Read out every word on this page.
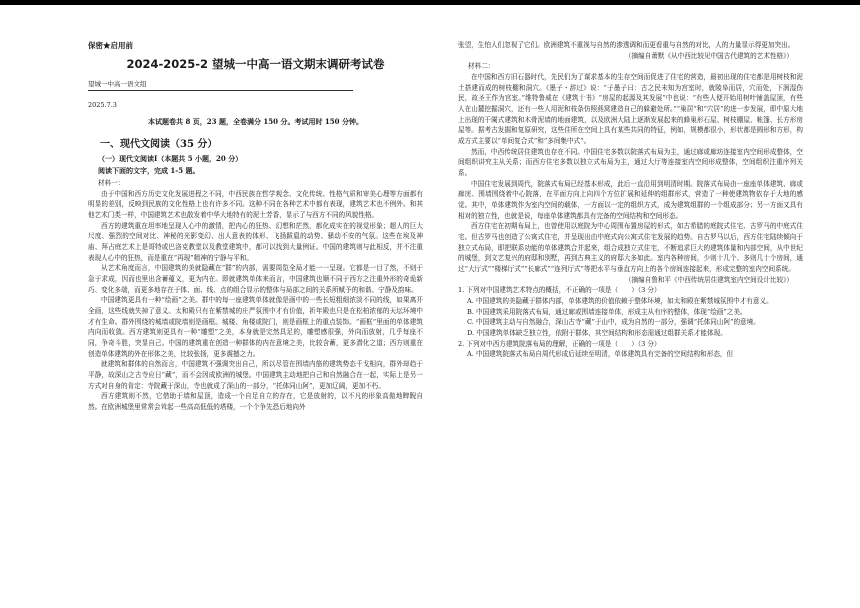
保密★启用前
2024-2025-2 望城一中高一语文期末调研考试卷
望城一中高一语文组
2025.7.3
本试题卷共 8 页，23 题，全卷满分 150 分。考试用时 150 分钟。
一、现代文阅读（35 分）
（一）现代文阅读Ⅰ（本题共 5 小题，20 分）
阅读下面的文字，完成 1-5 题。
材料一：

由于中国和西方历史文化发展进程之不同，中西民族在哲学观念、文化传统、性格气质和审美心理等方面都有明显的差别，反映到民族的文化性格上也有许多不同。这种不同在各种艺术中都有表现，建筑艺术也不例外。和其他艺术门类一样，中国建筑艺术也散发着中华大地特有的泥土芳香，显示了与西方不同的风貌性格。

西方的建筑重在坦率地呈现人心中的激情，把内心的狂热、幻想和茫然，都化成实在的视觉形象；超人的巨大尺度、强烈的空间对比、神秘的光影变幻、出人意表的体形、飞扬跋扈的动势、骚动不安的气氛。这些在埃及神庙、拜占庭艺术上是哥特或巴洛克教堂以及教堂建筑中，都可以找到大量例证。中国的建筑则与此相反，并不注重表现人心中的狂热，而是重在“再现”精神的宁静与平和。

从艺术角度而言，中国建筑的美就隐藏在“群”的内部，需要周览全局才能一一呈现。它都是一目了然，不则于急于求成，因而也里出含蓄蕴义，更为内在。即就建筑单体来而言，中国建筑也顺不同于西方之注重外形的奇诡新巧、变化多端，而更多地存在于体、面、线、点的组合显示的整体与局部之间的关系所赋予的和谐、宁静及韵味。

中国建筑更具有一种“绘画”之美。群中的每一座建筑单体就像是画中的一些长短粗细浓淡不同的线，如果离开全画，这些线就失掉了意义。太和殿只有在紫禁城的庄严氛围中才有价值，祈年殿也只是在松柏浓郁的天坛环境中才有生命。群外围绕的城墙或院墙则是画框。城楼、角楼或院门，则是画框上的重点装饰。“画框”里面的单体建筑内向而收敛。西方建筑则更具有一种“雕塑”之美，本身就是完然具足的，雕塑感很强，外向而放射，几乎每座不同，争奇斗胜，突显自己。中国的建筑重在创造一种群体的内在意境之美，比较含蓄，更多潜化之道；西方则重在创造单体建筑的外在形体之美，比较张扬，更多震撼之力。

就建筑和群体的自然而言，中国建筑不强调突出自己，所以尽管在围墙内筋的建筑势态千戈相向，群外却趋于平静，故深山之古寺应日“藏”，而不会因成欧洲的城堡。中国建筑主动地把自己和自然融合在一起，实际上是另一方式对自身的肯定：寺院藏于深山，寺也就成了深山的一部分，“托体同山阿”，更加辽阔，更加不朽。

西方建筑则不然，它借助于墙和屋顶，造成一个自足自立的存在，它是放射的，以不凡的形象高傲地睥睨自然。在欧洲城堡里常常会耸起一些高高低低的塔楼，一个个争先恐后地向外

张望，生怕人们忽视了它们。欧洲建筑不重视与自然的渗透调和而更看重与自然的对比，人的力量显示得更加突出。

（摘编自萧默《从中西比较见中国古代建筑的艺术性格》）
材料二：

在中国和西方旧石器时代，先民们为了谋求基本的生存空间而促进了住宅的营造，最初出现的住宅都是用树枝和泥土搭建而成的树枝棚和洞穴。《墨子・辞过》说：“子墨子曰：古之民未知为宫室时，就陵阜而居，穴而处，下润湿伤民，故圣王作为宫室。”维特鲁威在《建筑十书》“房屋的起源及其发展”中也说：“有些人便开始用树叶铺盖屋顶，有些人在山麓挖掘洞穴，还有一些人用泥和枝条仿照燕窝建造自己的躲避处所。”“巢居”和“穴居”的进一步发展，即中原大地上出现的干阑式建筑和木骨泥墙的地面建筑，以及欧洲大陆上逐渐发展起来的蜂巢形石屋、树枝棚屋、帐篷、长方形房屋等。据考古发掘和复原研究，这些住所在空间上具有某些共同的特征，例如，规模都很小，形状都是圆形和方形，构成方式主要以“单间复合式”和“多间集中式”。

然而，中西传统居住建筑也存在不同。中国住宅多数以院落式布局为主，通过廊或廊坊连接室内空间形成整体，空间组织讲究主从关系；而西方住宅多数以独立式布局为主，通过大厅等连接室内空间形成整体，空间组织注重序列关系。

中国住宅发展到周代，院落式布局已经基本形成，此后一直沿用到明清时期。院落式布局由一座座单体建筑、廊或廊庑、围墙围绕着中心院落，在平面方向上向四个方位扩展和延伸的组群形式，营造了一种使建筑物依存于大地的感觉。其中，单体建筑作为室内空间的载体，一方面以一定的组织方式，成为建筑组群的一个组成部分；另一方面又具有相对的独立性，也就是说，每座单体建筑都具有完备的空间结构和空间形态。

西方住宅在初期布局上，也曾使用以庭院为中心周围布置房屋的形式，如古希腊的庭院式住宅、古罗马的中庭式住宅。但古罗马也创造了公寓式住宅，并呈现出由中庭式向公寓式住宅发展的趋势。自古罗马以后，西方住宅陆续倾向于独立式布局，即把联系功能的单体建筑合并起来，组合成独立式住宅，不断追求巨大的建筑体量和内部空间，从中世纪的城堡，到文艺复兴的府邸和别墅，再到古典主义的府邸大多如此。室内各种房间，少则十几个、多则几十个房间，通过“大厅式”“楼梯厅式”“长廊式”“连列厅式”等把水平与垂直方向上的各个房间连接起来，形成完整的室内空间系统。

（摘编自鲁和平《中西传统居住建筑室内空间设计比较》）
1. 下列对中国建筑艺术特点的概括，不正确的一项是（　　）（3 分）
A. 中国建筑的美隐藏于群体内部，单体建筑的价值依赖于整体环境，如太和殿在紫禁城氛围中才有意义。
B. 中国建筑采用院落式布局，通过廊或围墙连接单体，形成主从有序的整体，体现“绘画”之美。
C. 中国建筑主动与自然融合，深山古寺“藏”于山中，成为自然的一部分，强调“托体同山阿”的意境。
D. 中国建筑单体缺乏独立性，依附于群体，其空间结构和形态需通过组群关系才能体现。
2. 下列对中西方建筑院落布局的理解，正确的一项是（　　）（3 分）
A. 中国建筑院落式布局自周代形成后延续至明清，单体建筑具有完备的空间结构和形态，但
